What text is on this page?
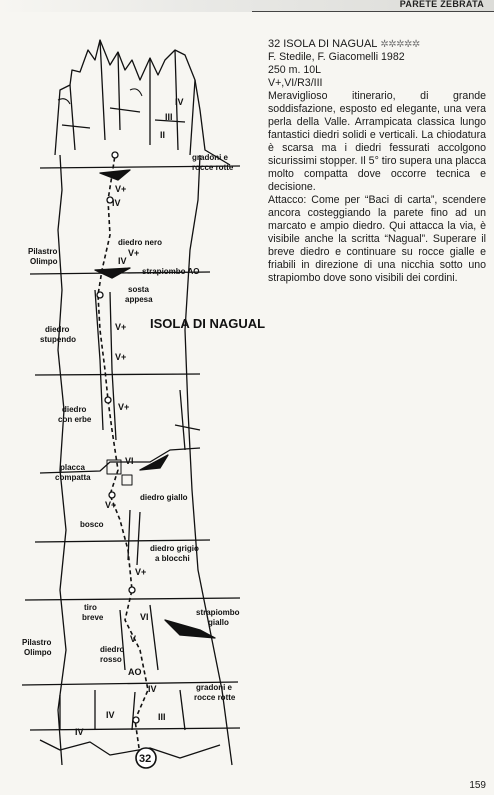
PARETE ZEBRATA
ISOLA DI NAGUAL
32
gradoni e
rocce rotte
Pilastro
Olimpo
diedro nero
strapiombo AO
sosta
appesa
diedro
stupendo
diedro
con erbe
placca
compatta
diedro giallo
bosco
diedro grigio
a blocchi
tiro
breve
strapiombo
giallo
Pilastro
Olimpo	diedro
rosso
gradoni e
rocce rotte
IV
III
II
V+
IV
V+
IV
V+
V+
V+
VI
V+
V+
VI
V
AO
IV
IV	III
IV
32 ISOLA DI NAGUAL ✲✲✲✲✲

F. Stedile, F. Giacomelli 1982

250 m. 10L

V+,VI/R3/III

Meraviglioso itinerario, di grande soddisfazione, esposto ed elegante, una vera perla della Valle. Arrampicata classica lungo fantastici diedri solidi e verticali. La chiodatura è scarsa ma i diedri fessurati accolgono sicurissimi stopper. Il 5° tiro supera una placca molto compatta dove occorre tecnica e decisione.

Attacco: Come per “Baci di carta”, scendere ancora costeggiando la parete fino ad un marcato e ampio diedro. Qui attacca la via, è visibile anche la scritta “Nagual”. Superare il breve diedro e continuare su rocce gialle e friabili in direzione di una nicchia sotto uno strapiombo dove sono visibili dei cordini.

159
